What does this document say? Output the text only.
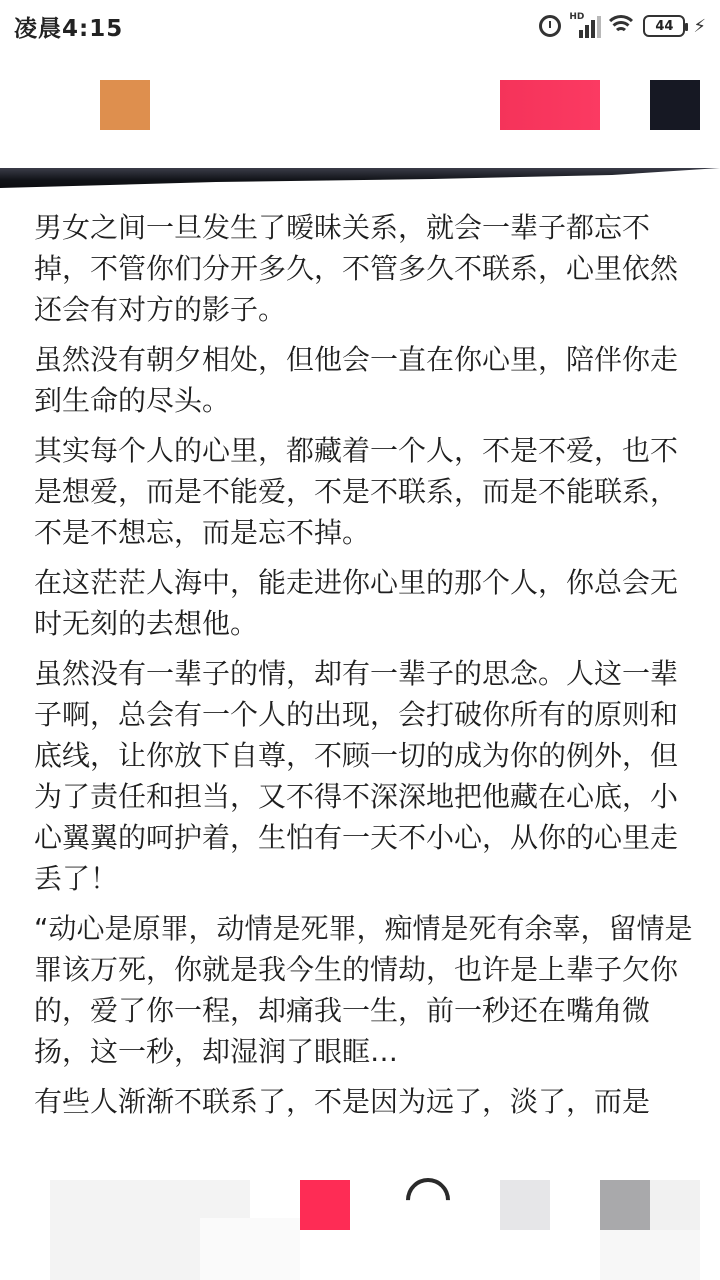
凌晨4:15	HD
44 ⚡

男女之间一旦发生了暧昧关系，就会一辈子都忘不掉，不管你们分开多久，不管多久不联系，心里依然还会有对方的影子。

虽然没有朝夕相处，但他会一直在你心里，陪伴你走到生命的尽头。

其实每个人的心里，都藏着一个人，不是不爱，也不是想爱，而是不能爱，不是不联系，而是不能联系，不是不想忘，而是忘不掉。

在这茫茫人海中，能走进你心里的那个人，你总会无时无刻的去想他。

虽然没有一辈子的情，却有一辈子的思念。人这一辈子啊，总会有一个人的出现，会打破你所有的原则和底线，让你放下自尊，不顾一切的成为你的例外，但为了责任和担当，又不得不深深地把他藏在心底，小心翼翼的呵护着，生怕有一天不小心，从你的心里走丢了！

“动心是原罪，动情是死罪，痴情是死有余辜，留情是罪该万死，你就是我今生的情劫，也许是上辈子欠你的，爱了你一程，却痛我一生，前一秒还在嘴角微扬，这一秒，却湿润了眼眶…

有些人渐渐不联系了，不是因为远了，淡了，而是
